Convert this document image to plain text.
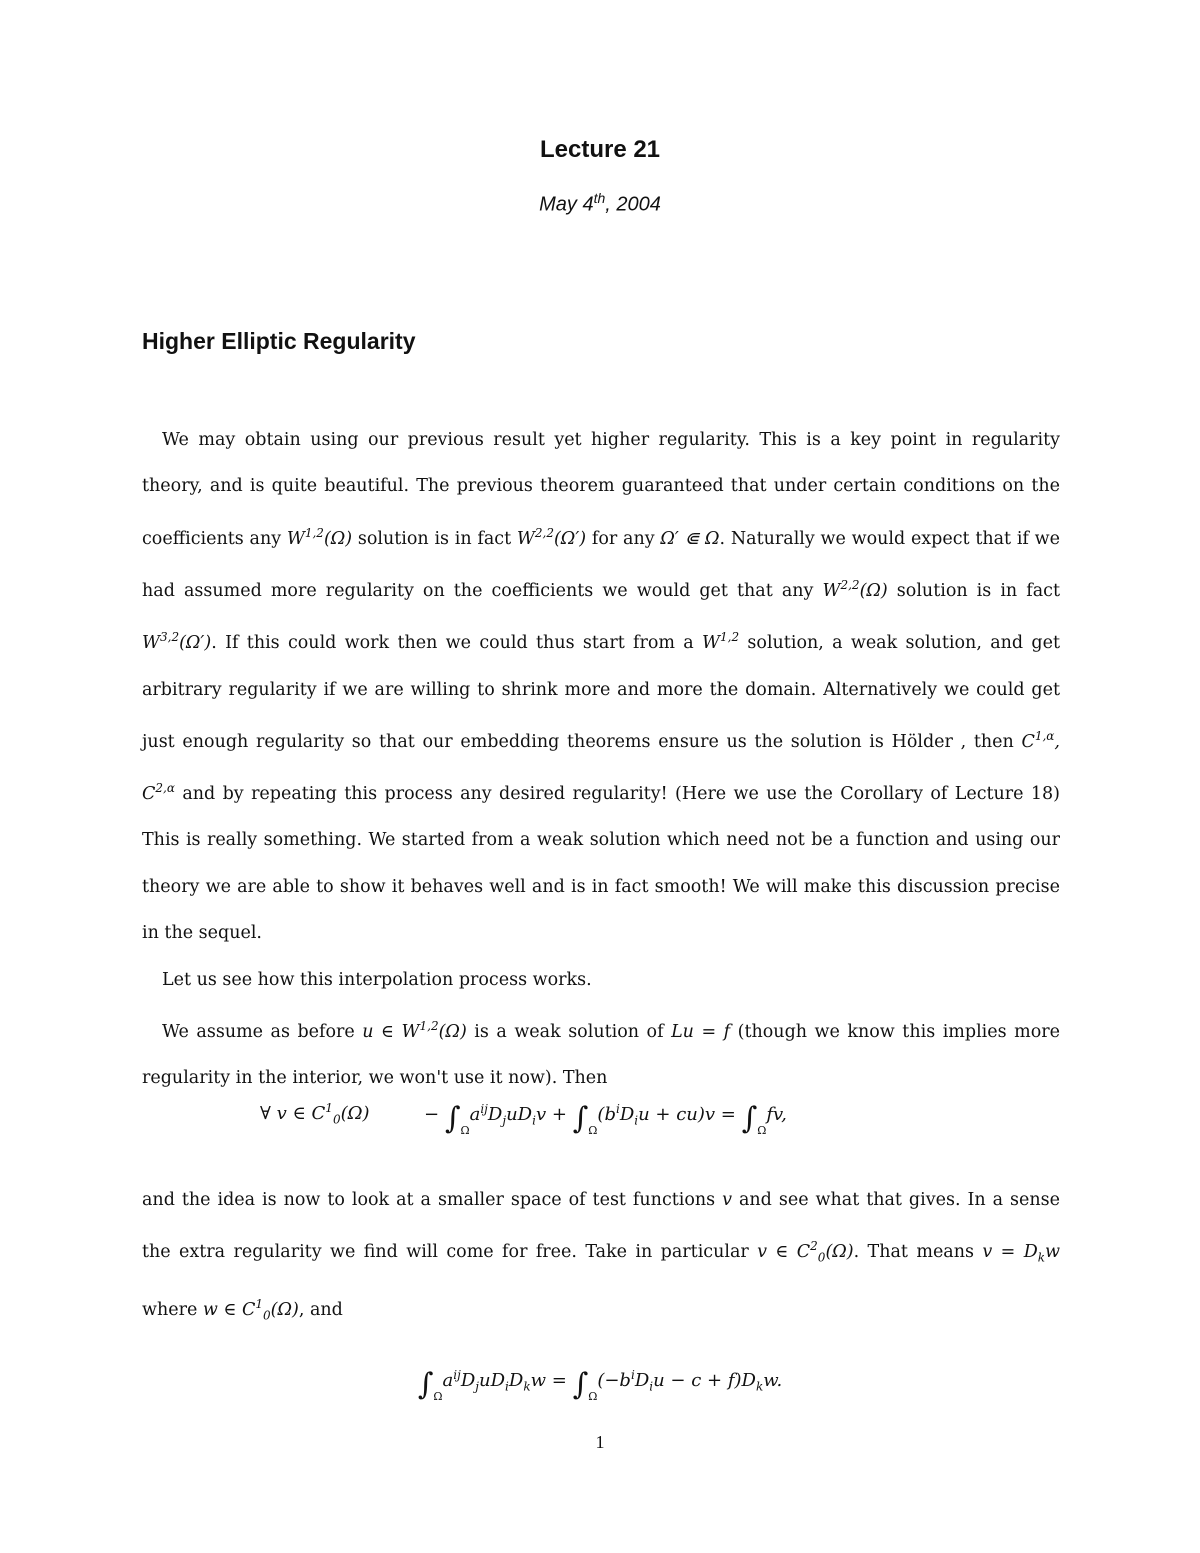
Lecture 21
May 4th, 2004
Higher Elliptic Regularity

We may obtain using our previous result yet higher regularity. This is a key point in regularity theory, and is quite beautiful. The previous theorem guaranteed that under certain conditions on the coefficients any W$^{1,2}$(Ω) solution is in fact W$^{2,2}$(Ω′) for any Ω′ ⋐ Ω. Naturally we would expect that if we had assumed more regularity on the coefficients we would get that any W$^{2,2}$(Ω) solution is in fact W$^{3,2}$(Ω′). If this could work then we could thus start from a W$^{1,2}$ solution, a weak solution, and get arbitrary regularity if we are willing to shrink more and more the domain. Alternatively we could get just enough regularity so that our embedding theorems ensure us the solution is Hölder , then $C^{1,\alpha}$, $C^{2,\alpha}$ and by repeating this process any desired regularity! (Here we use the Corollary of Lecture 18) This is really something. We started from a weak solution which need not be a function and using our theory we are able to show it behaves well and is in fact smooth! We will make this discussion precise in the sequel.

Let us see how this interpolation process works.

We assume as before u ∈ W$^{1,2}$(Ω) is a weak solution of Lu = f (though we know this implies more regularity in the interior, we won't use it now). Then

∀ v ∈ $C^1_0(\Omega)$	− $\int_\Omega a^{ij}D_juD_iv + \int_\Omega(b^iD_iu + cu)v = \int_\Omega fv$,

and the idea is now to look at a smaller space of test functions v and see what that gives. In a sense the extra regularity we find will come for free. Take in particular v ∈ $C^2_0(\Omega)$. That means $v = D_kw$ where w ∈ $C^1_0(\Omega)$, and

$\int_\Omega a^{ij}D_juD_iD_kw = \int_\Omega(-b^iD_iu - c + f)D_kw$.
1
